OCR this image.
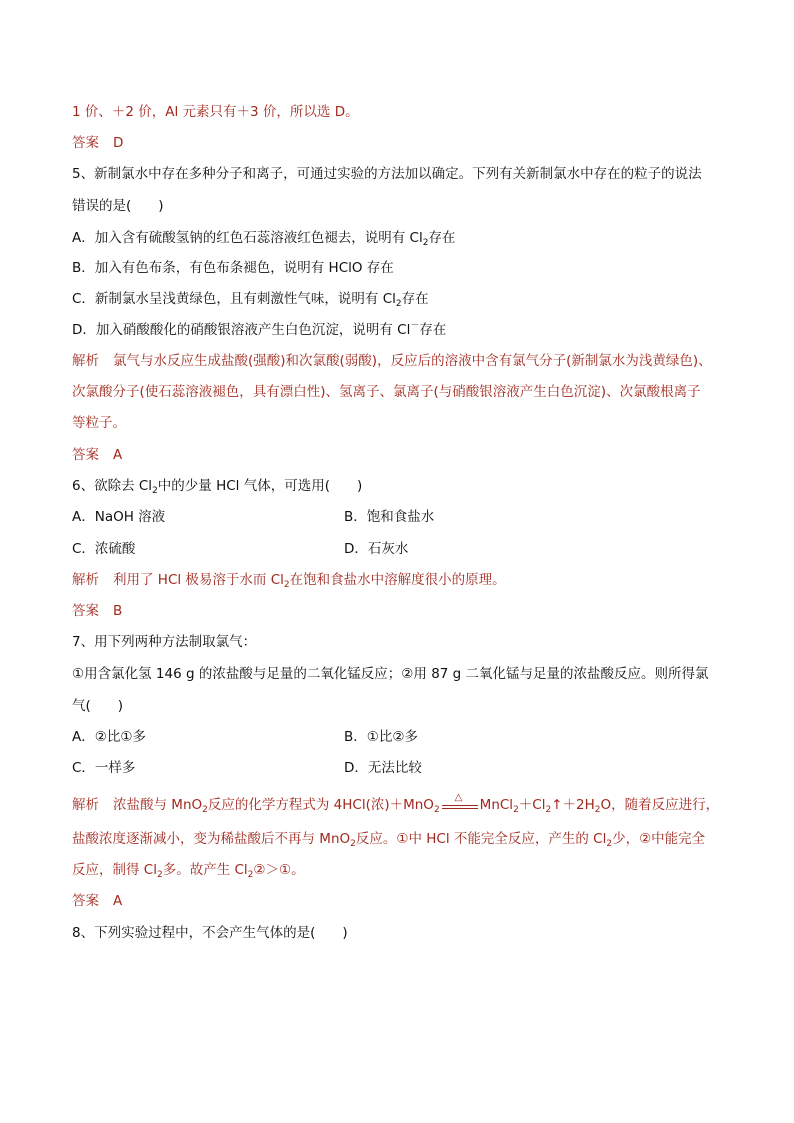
1 价、＋2 价，Al 元素只有＋3 价，所以选 D。
答案 D
5、新制氯水中存在多种分子和离子，可通过实验的方法加以确定。下列有关新制氯水中存在的粒子的说法
错误的是(　　)
A．加入含有硫酸氢钠的红色石蕊溶液红色褪去，说明有 $Cl_2$存在
B．加入有色布条，有色布条褪色，说明有 HClO 存在
C．新制氯水呈浅黄绿色，且有刺激性气味，说明有 $Cl_2$存在
D．加入硝酸酸化的硝酸银溶液产生白色沉淀，说明有 Cl－存在
解析 氯气与水反应生成盐酸(强酸)和次氯酸(弱酸)，反应后的溶液中含有氯气分子(新制氯水为浅黄绿色)、
次氯酸分子(使石蕊溶液褪色，具有漂白性)、氢离子、氯离子(与硝酸银溶液产生白色沉淀)、次氯酸根离子
等粒子。
答案 A
6、欲除去 $Cl_2$中的少量 HCl 气体，可选用(　　)
A．NaOH 溶液	B．饱和食盐水
C．浓硫酸	D．石灰水
解析 利用了 HCl 极易溶于水而 $Cl_2$在饱和食盐水中溶解度很小的原理。
答案 B
7、用下列两种方法制取氯气：
①用含氯化氢 146 g 的浓盐酸与足量的二氧化锰反应；②用 87 g 二氧化锰与足量的浓盐酸反应。则所得氯
气(　　)
A．②比①多	B．①比②多
C．一样多	D．无法比较
解析 浓盐酸与 MnO$_2$反应的化学方程式为 4HCl(浓)＋MnO$_2$
△ $MnCl_2+Cl_2↑+2H_2O$，随着反应进行，
盐酸浓度逐渐减小，变为稀盐酸后不再与 MnO$_2$反应。①中 HCl 不能完全反应，产生的 $Cl_2$少，②中能完全
反应，制得 $Cl_2$多。故产生 $Cl_2②>①$。
答案 A
8、下列实验过程中，不会产生气体的是(　　)
